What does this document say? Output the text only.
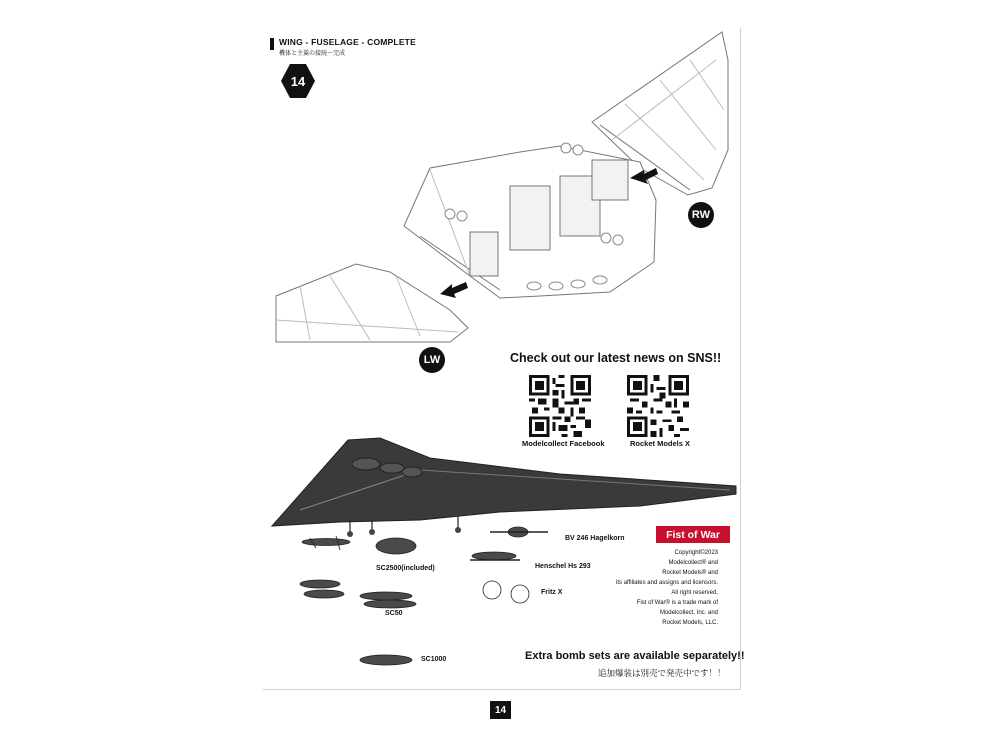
WING - FUSELAGE - COMPLETE
機体と主翼の接続〜完成
14
RW
LW	Check out our latest news on SNS!!
Modelcollect Facebook	Rocket Models X
BV 246 Hagelkorn
SC2500(included)	Henschel Hs 293
Fritz X
SC50
SC1000
Fist of War
Copyright©2023
Modelcollect® and
Rocket Models® and
its affiliates and assigns and licensors.
All right reserved.
Fist of War® is a trade mark of
Modelcollect, Inc. and
Rocket Models, LLC.
Extra bomb sets are available separately!!
追加爆装は別売で発売中です！！
14
